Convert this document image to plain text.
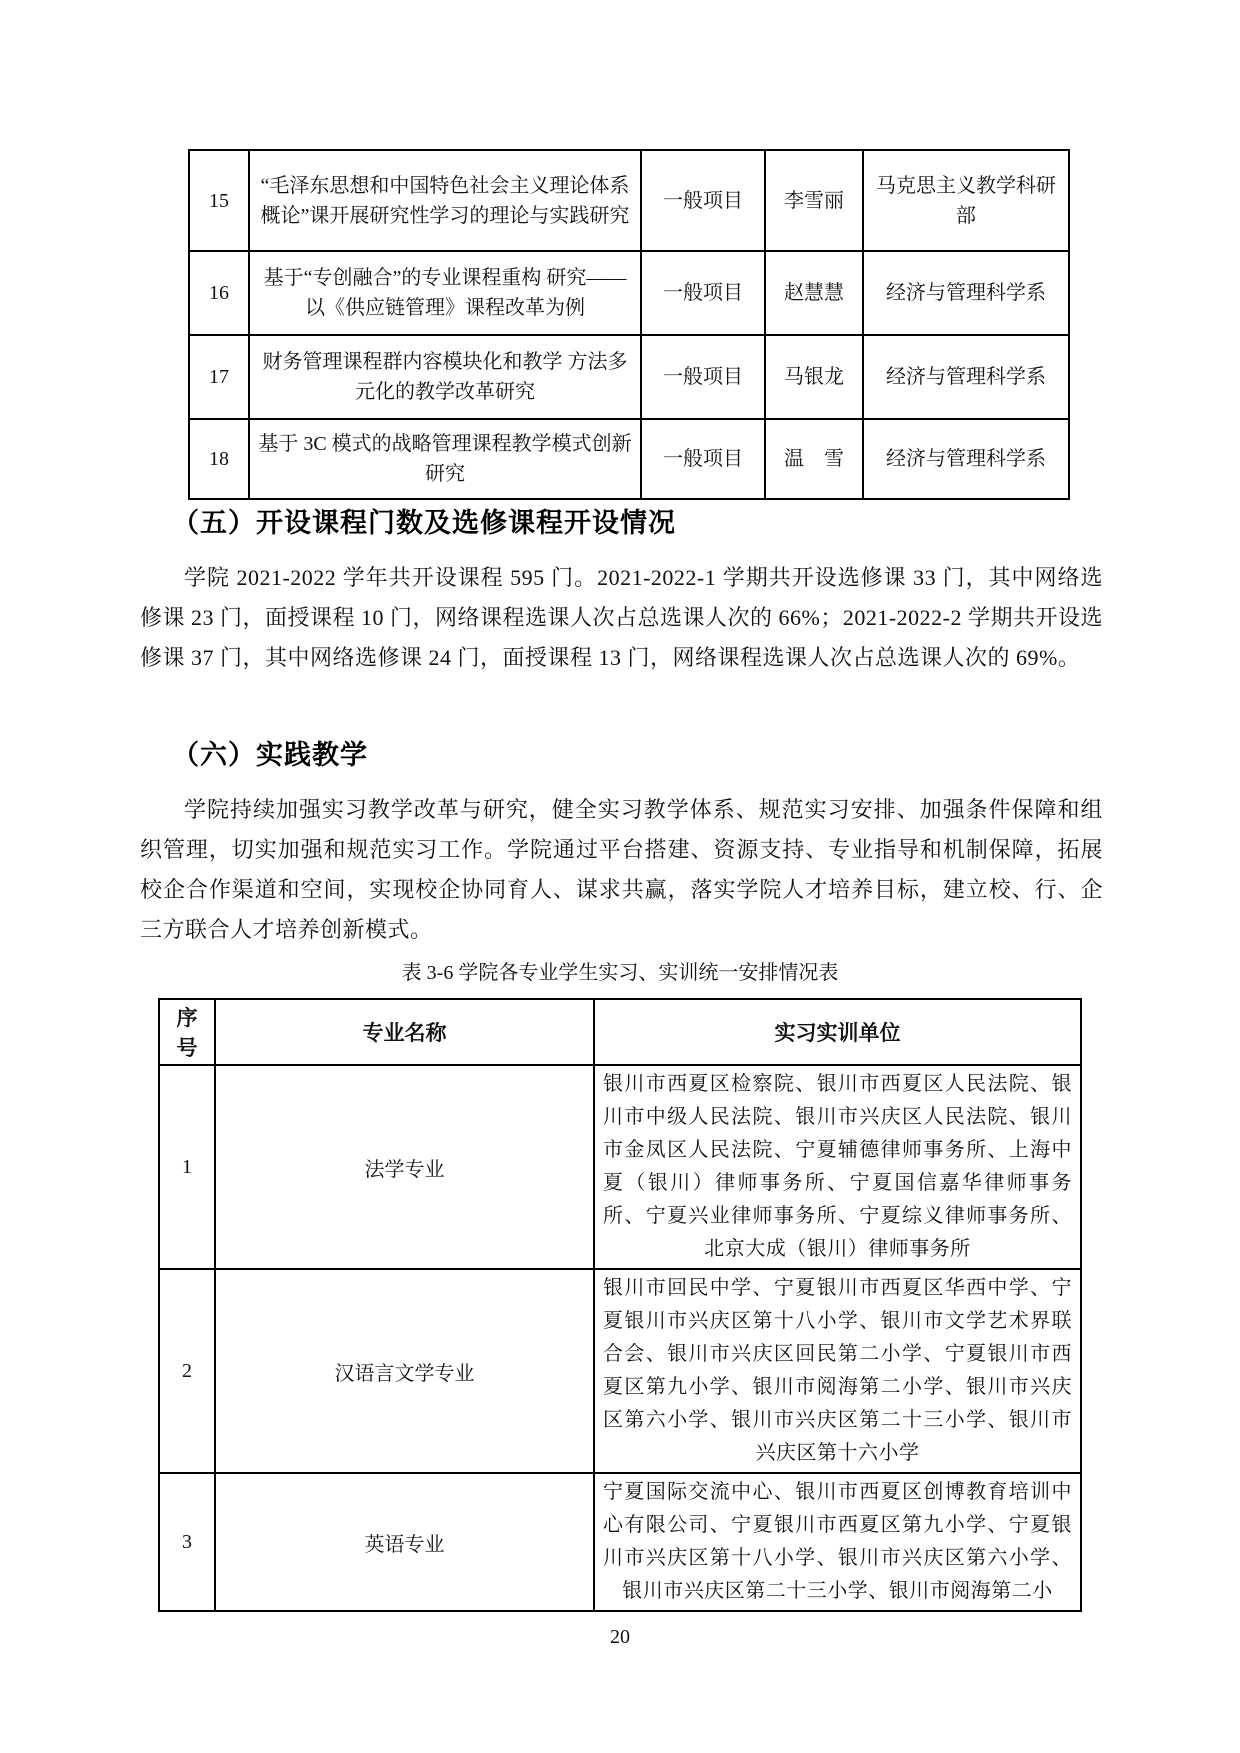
15	“毛泽东思想和中国特色社会主义理论体系概论”课开展研究性学习的理论与实践研究	一般项目	李雪丽	马克思主义教学科研部
16	基于“专创融合”的专业课程重构 研究——以《供应链管理》课程改革为例	一般项目	赵慧慧	经济与管理科学系
17	财务管理课程群内容模块化和教学 方法多元化的教学改革研究	一般项目	马银龙	经济与管理科学系
18	基于 3C 模式的战略管理课程教学模式创新研究	一般项目	温　雪	经济与管理科学系
（五）开设课程门数及选修课程开设情况
学院 2021-2022 学年共开设课程 595 门。2021-2022-1 学期共开设选修课 33 门，其中网络选修课 23 门，面授课程 10 门，网络课程选课人次占总选课人次的 66%；2021-2022-2 学期共开设选修课 37 门，其中网络选修课 24 门，面授课程 13 门，网络课程选课人次占总选课人次的 69%。
（六）实践教学
学院持续加强实习教学改革与研究，健全实习教学体系、规范实习安排、加强条件保障和组织管理，切实加强和规范实习工作。学院通过平台搭建、资源支持、专业指导和机制保障，拓展校企合作渠道和空间，实现校企协同育人、谋求共赢，落实学院人才培养目标，建立校、行、企三方联合人才培养创新模式。
表 3-6 学院各专业学生实习、实训统一安排情况表
序号	专业名称	实习实训单位
1	法学专业	银川市西夏区检察院、银川市西夏区人民法院、银川市中级人民法院、银川市兴庆区人民法院、银川市金凤区人民法院、宁夏辅德律师事务所、上海中夏（银川）律师事务所、宁夏国信嘉华律师事务所、宁夏兴业律师事务所、宁夏综义律师事务所、北京大成（银川）律师事务所
2	汉语言文学专业	银川市回民中学、宁夏银川市西夏区华西中学、宁夏银川市兴庆区第十八小学、银川市文学艺术界联合会、银川市兴庆区回民第二小学、宁夏银川市西夏区第九小学、银川市阅海第二小学、银川市兴庆区第六小学、银川市兴庆区第二十三小学、银川市兴庆区第十六小学
3	英语专业	宁夏国际交流中心、银川市西夏区创博教育培训中心有限公司、宁夏银川市西夏区第九小学、宁夏银川市兴庆区第十八小学、银川市兴庆区第六小学、银川市兴庆区第二十三小学、银川市阅海第二小
20
